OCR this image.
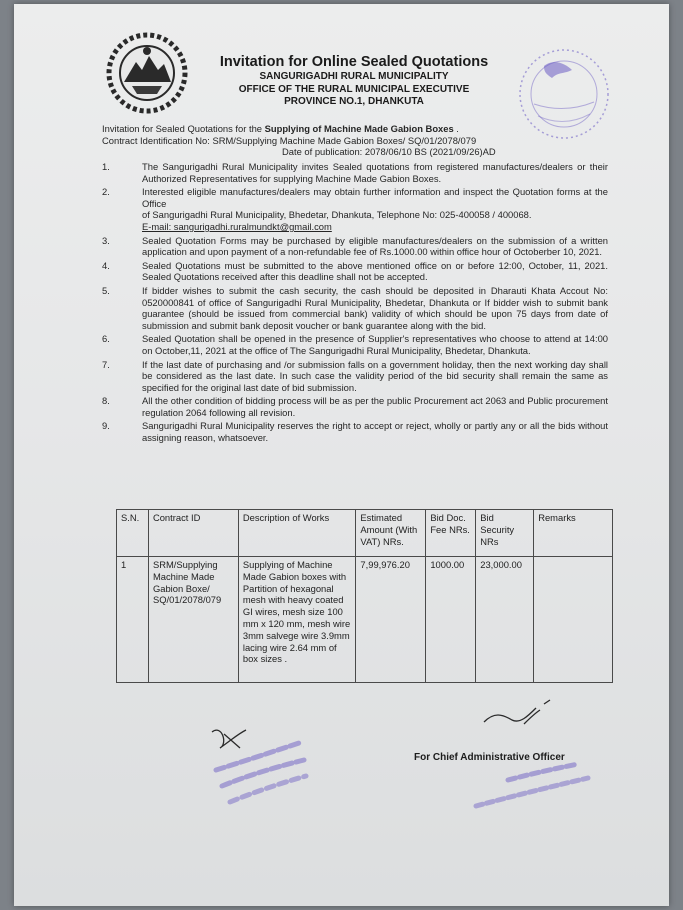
Invitation for Online Sealed Quotations
SANGURIGADHI RURAL MUNICIPALITY
OFFICE OF THE RURAL MUNICIPAL EXECUTIVE
PROVINCE NO.1, DHANKUTA
Invitation for Sealed Quotations for the Supplying of Machine Made Gabion Boxes .
Contract Identification No: SRM/Supplying Machine Made Gabion Boxes/ SQ/01/2078/079
Date of publication: 2078/06/10 BS (2021/09/26)AD
1.	The Sangurigadhi Rural Municipality invites Sealed quotations from registered manufactures/dealers or their Authorized Representatives for supplying Machine Made Gabion Boxes.
2.	Interested eligible manufactures/dealers may obtain further information and inspect the Quotation forms at the Office
of Sangurigadhi Rural Municipality, Bhedetar, Dhankuta, Telephone No: 025-400058 / 400068.
E-mail: sangurigadhi.ruralmundkt@gmail.com
3.	Sealed Quotation Forms may be purchased by eligible manufactures/dealers on the submission of a written application and upon payment of a non-refundable fee of Rs.1000.00 within office hour of Octoberber 10, 2021.
4.	Sealed Quotations must be submitted to the above mentioned office on or before 12:00, October, 11, 2021. Sealed Quotations received after this deadline shall not be accepted.
5.	If bidder wishes to submit the cash security, the cash should be deposited in Dharauti Khata Accout No: 0520000841 of office of Sangurigadhi Rural Municipality, Bhedetar, Dhankuta or If bidder wish to submit bank guarantee (should be issued from commercial bank) validity of which should be upon 75 days from date of submission and submit bank deposit voucher or bank guarantee along with the bid.
6.	Sealed Quotation shall be opened in the presence of Supplier's representatives who choose to attend at 14:00 on October,11, 2021 at the office of The Sangurigadhi Rural Municipality, Bhedetar, Dhankuta.
7.	If the last date of purchasing and /or submission falls on a government holiday, then the next working day shall be considered as the last date. In such case the validity period of the bid security shall remain the same as specified for the original last date of bid submission.
8.	All the other condition of bidding process will be as per the public Procurement act 2063 and Public procurement regulation 2064 following all revision.
9.	Sangurigadhi Rural Municipality reserves the right to accept or reject, wholly or partly any or all the bids without assigning reason, whatsoever.
S.N.	Contract ID	Description of Works	Estimated Amount (With VAT) NRs.	Bid Doc. Fee NRs.	Bid Security NRs	Remarks
1	SRM/Supplying Machine Made Gabion Boxe/ SQ/01/2078/079	Supplying of Machine Made Gabion boxes with Partition of hexagonal mesh with heavy coated GI wires, mesh size 100 mm x 120 mm, mesh wire 3mm salvege wire 3.9mm lacing wire 2.64 mm of box sizes .	7,99,976.20	1000.00	23,000.00	
For Chief Administrative Officer
